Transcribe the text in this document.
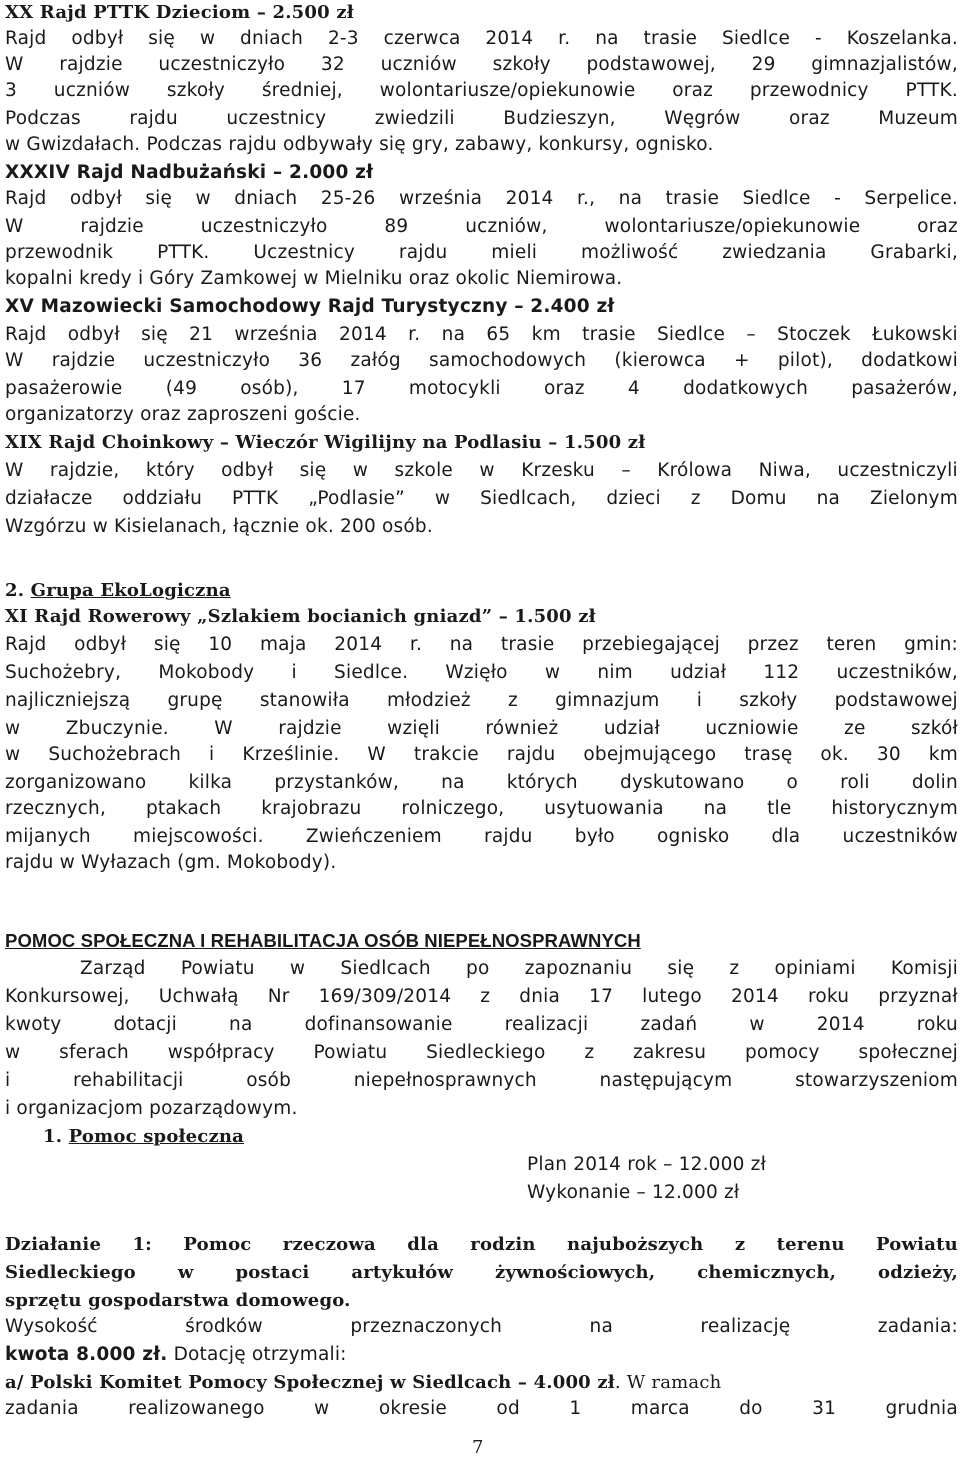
XX Rajd PTTK Dzieciom – 2.500 zł
Rajd odbył się w dniach 2-3 czerwca 2014 r. na trasie Siedlce - Koszelanka.
W rajdzie uczestniczyło 32 uczniów szkoły podstawowej, 29 gimnazjalistów,
3 uczniów szkoły średniej, wolontariusze/opiekunowie oraz przewodnicy PTTK.
Podczas	rajdu	uczestnicy	zwiedzili	Budzieszyn,	Węgrów	oraz	Muzeum
w Gwizdałach. Podczas rajdu odbywały się gry, zabawy, konkursy, ognisko.
XXXIV Rajd Nadbużański – 2.000 zł
Rajd odbył się w dniach 25-26 września 2014 r., na trasie Siedlce - Serpelice.
W	rajdzie	uczestniczyło	89	uczniów,	wolontariusze/opiekunowie	oraz
przewodnik PTTK. Uczestnicy rajdu mieli możliwość zwiedzania Grabarki,
kopalni kredy i Góry Zamkowej w Mielniku oraz okolic Niemirowa.
XV Mazowiecki Samochodowy Rajd Turystyczny – 2.400 zł
Rajd odbył się 21 września 2014 r. na 65 km trasie Siedlce – Stoczek Łukowski
W rajdzie uczestniczyło 36 załóg samochodowych (kierowca + pilot), dodatkowi
pasażerowie (49 osób), 17 motocykli oraz 4 dodatkowych pasażerów,
organizatorzy oraz zaproszeni goście.
XIX Rajd Choinkowy – Wieczór Wigilijny na Podlasiu – 1.500 zł
W rajdzie, który odbył się w szkole w Krzesku – Królowa Niwa, uczestniczyli
działacze oddziału PTTK „Podlasie” w Siedlcach, dzieci z Domu na Zielonym
Wzgórzu w Kisielanach, łącznie ok. 200 osób.
2. Grupa EkoLogiczna
XI Rajd Rowerowy „Szlakiem bocianich gniazd” – 1.500 zł
Rajd odbył się 10 maja 2014 r. na trasie przebiegającej przez teren gmin:
Suchożebry, Mokobody i Siedlce. Wzięło w nim udział 112 uczestników,
najliczniejszą grupę stanowiła młodzież z gimnazjum i szkoły podstawowej
w Zbuczynie. W rajdzie wzięli również udział uczniowie ze szkół
w Suchożebrach i Krześlinie. W trakcie rajdu obejmującego trasę ok. 30 km
zorganizowano kilka przystanków, na których dyskutowano o roli dolin
rzecznych, ptakach krajobrazu rolniczego, usytuowania na tle historycznym
mijanych miejscowości. Zwieńczeniem rajdu było ognisko dla uczestników
rajdu w Wyłazach (gm. Mokobody).
POMOC SPOŁECZNA I REHABILITACJA OSÓB NIEPEŁNOSPRAWNYCH
Zarząd Powiatu w Siedlcach po zapoznaniu się z opiniami Komisji
Konkursowej, Uchwałą Nr 169/309/2014 z dnia 17 lutego 2014 roku przyznał
kwoty	dotacji	na	dofinansowanie	realizacji	zadań	w	2014	roku
w sferach współpracy Powiatu Siedleckiego z zakresu pomocy społecznej
i	rehabilitacji	osób	niepełnosprawnych	następującym	stowarzyszeniom
i organizacjom pozarządowym.
1. Pomoc społeczna
Plan 2014 rok – 12.000 zł
Wykonanie – 12.000 zł
Działanie 1: Pomoc rzeczowa dla rodzin najuboższych z terenu Powiatu
Siedleckiego w postaci artykułów żywnościowych, chemicznych, odzieży,
sprzętu gospodarstwa domowego.
Wysokość	środków	przeznaczonych	na	realizację	zadania:
kwota 8.000 zł. Dotację otrzymali:
a/ Polski Komitet Pomocy Społecznej w Siedlcach – 4.000 zł. W ramach
zadania	realizowanego	w	okresie	od	1	marca	do	31	grudnia
7
